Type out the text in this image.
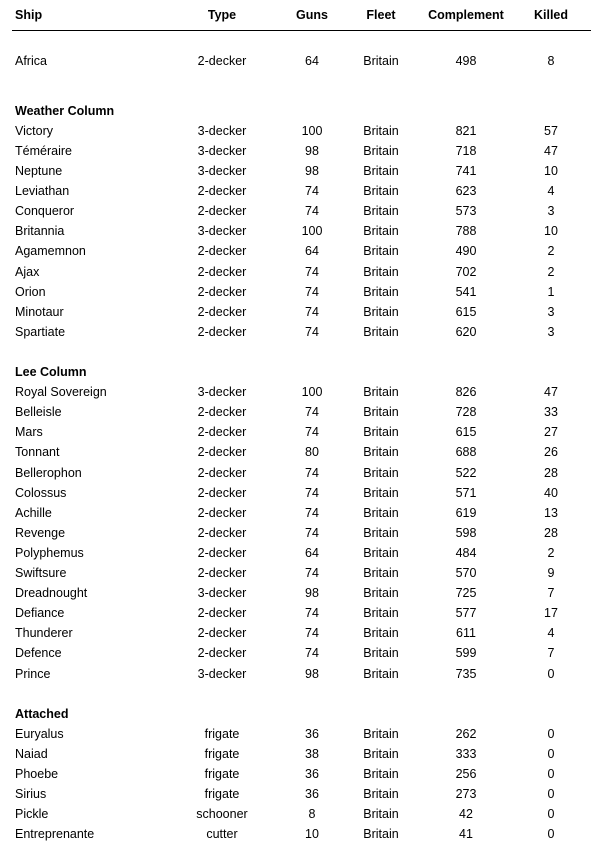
Ship	Type	Guns	Fleet	Complement	Killed
Africa	2-decker	64	Britain	498	8
Weather Column
Victory	3-decker	100	Britain	821	57
Téméraire	3-decker	98	Britain	718	47
Neptune	3-decker	98	Britain	741	10
Leviathan	2-decker	74	Britain	623	4
Conqueror	2-decker	74	Britain	573	3
Britannia	3-decker	100	Britain	788	10
Agamemnon	2-decker	64	Britain	490	2
Ajax	2-decker	74	Britain	702	2
Orion	2-decker	74	Britain	541	1
Minotaur	2-decker	74	Britain	615	3
Spartiate	2-decker	74	Britain	620	3
Lee Column
Royal Sovereign	3-decker	100	Britain	826	47
Belleisle	2-decker	74	Britain	728	33
Mars	2-decker	74	Britain	615	27
Tonnant	2-decker	80	Britain	688	26
Bellerophon	2-decker	74	Britain	522	28
Colossus	2-decker	74	Britain	571	40
Achille	2-decker	74	Britain	619	13
Revenge	2-decker	74	Britain	598	28
Polyphemus	2-decker	64	Britain	484	2
Swiftsure	2-decker	74	Britain	570	9
Dreadnought	3-decker	98	Britain	725	7
Defiance	2-decker	74	Britain	577	17
Thunderer	2-decker	74	Britain	611	4
Defence	2-decker	74	Britain	599	7
Prince	3-decker	98	Britain	735	0
Attached
Euryalus	frigate	36	Britain	262	0
Naiad	frigate	38	Britain	333	0
Phoebe	frigate	36	Britain	256	0
Sirius	frigate	36	Britain	273	0
Pickle	schooner	8	Britain	42	0
Entreprenante	cutter	10	Britain	41	0
